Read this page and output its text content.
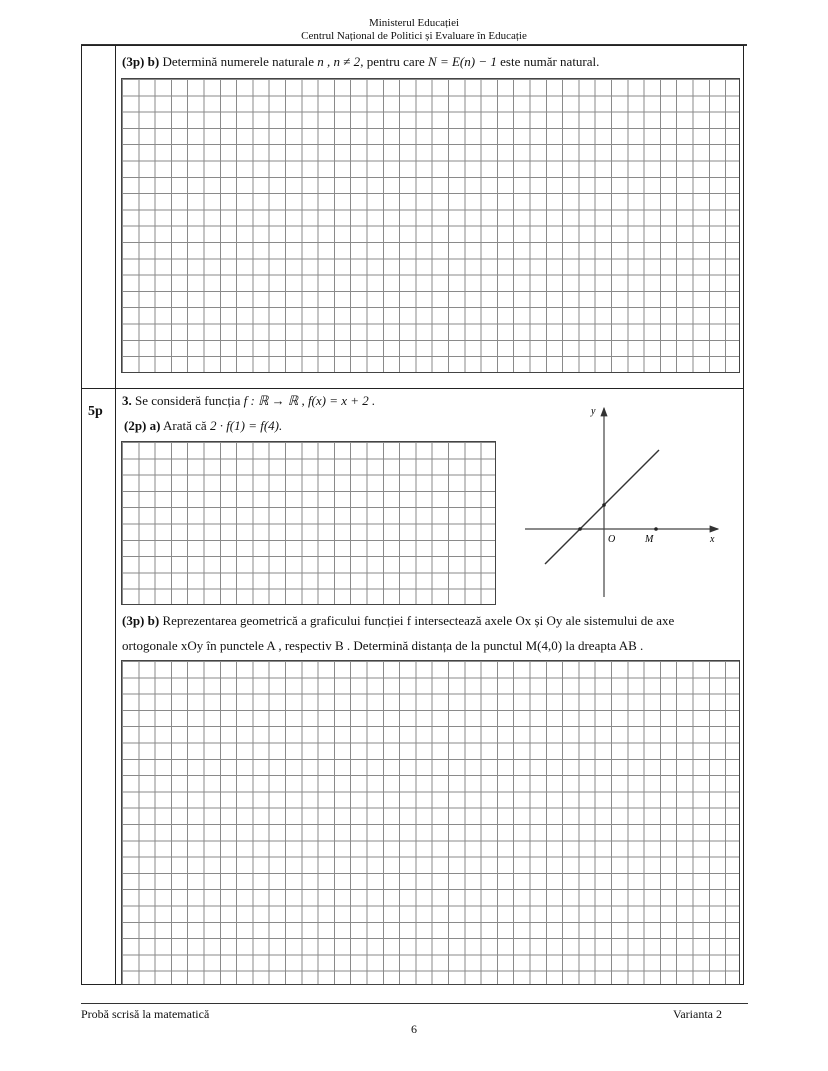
Ministerul Educației
Centrul Național de Politici și Evaluare în Educație
(3p) b) Determină numerele naturale n , n ≠ 2, pentru care N = E(n) − 1 este număr natural.
5p
3. Se consideră funcția f : ℝ → ℝ , f(x) = x + 2 .
(2p) a) Arată că 2 · f(1) = f(4).
y
x
O	M
(3p) b) Reprezentarea geometrică a graficului funcției f intersectează axele Ox și Oy ale sistemului de axe
ortogonale xOy în punctele A , respectiv B . Determină distanța de la punctul M(4,0) la dreapta AB .
Probă scrisă la matematică	Varianta 2
6
